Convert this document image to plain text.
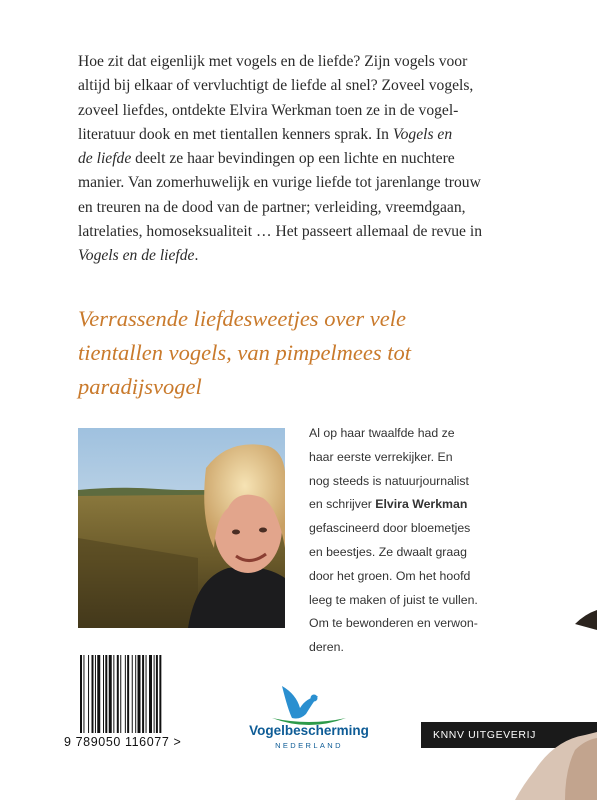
Hoe zit dat eigenlijk met vogels en de liefde? Zijn vogels voor
altijd bij elkaar of vervluchtigt de liefde al snel? Zoveel vogels,
zoveel liefdes, ontdekte Elvira Werkman toen ze in de vogel-
literatuur dook en met tientallen kenners sprak. In Vogels en
de liefde deelt ze haar bevindingen op een lichte en nuchtere
manier. Van zomerhuwelijk en vurige liefde tot jarenlange trouw
en treuren na de dood van de partner; verleiding, vreemdgaan,
latrelaties, homoseksualiteit … Het passeert allemaal de revue in
Vogels en de liefde.

Verrassende liefdesweetjes over vele
tientallen vogels, van pimpelmees tot
paradijsvogel

Al op haar twaalfde had ze
haar eerste verrekijker. En
nog steeds is natuurjournalist
en schrijver Elvira Werkman
gefascineerd door bloemetjes
en beestjes. Ze dwaalt graag
door het groen. Om het hoofd
leeg te maken of juist te vullen.
Om te bewonderen en verwon-
deren.

9 789050 116077 >
Vogelbescherming
NEDERLAND
KNNV UITGEVERIJ
